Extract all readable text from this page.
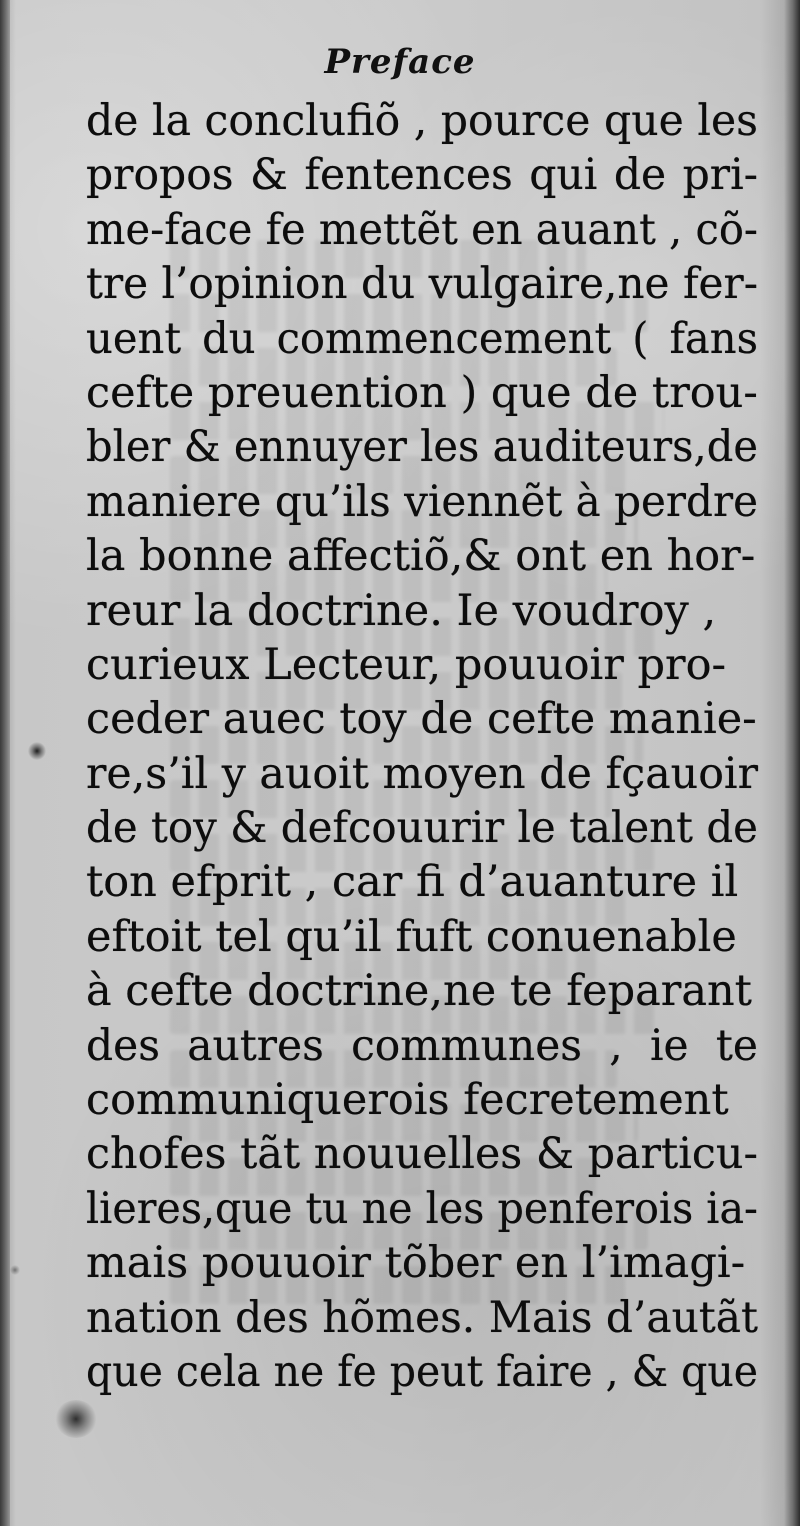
Preface
de la conclufiõ , pource que les
propos & fentences qui de pri-
me-face fe mettẽt en auant , cõ-
tre l’opinion du vulgaire,ne fer-
uent du commencement ( fans
cefte preuention ) que de trou-
bler & ennuyer les auditeurs,de
maniere qu’ils viennẽt à perdre
la bonne affectiõ,& ont en hor-
reur la doctrine. Ie voudroy ,
curieux Lecteur, pouuoir pro-
ceder auec toy de cefte manie-
re,s’il y auoit moyen de fçauoir
de toy & defcouurir le talent de
ton efprit , car fi d’auanture il
eftoit tel qu’il fuft conuenable
à cefte doctrine,ne te feparant
des autres communes , ie te
communiquerois fecretement
chofes tãt nouuelles & particu-
lieres,que tu ne les penferois ia-
mais pouuoir tõber en l’imagi-
nation des hõmes. Mais d’autãt
que cela ne fe peut faire , & que
